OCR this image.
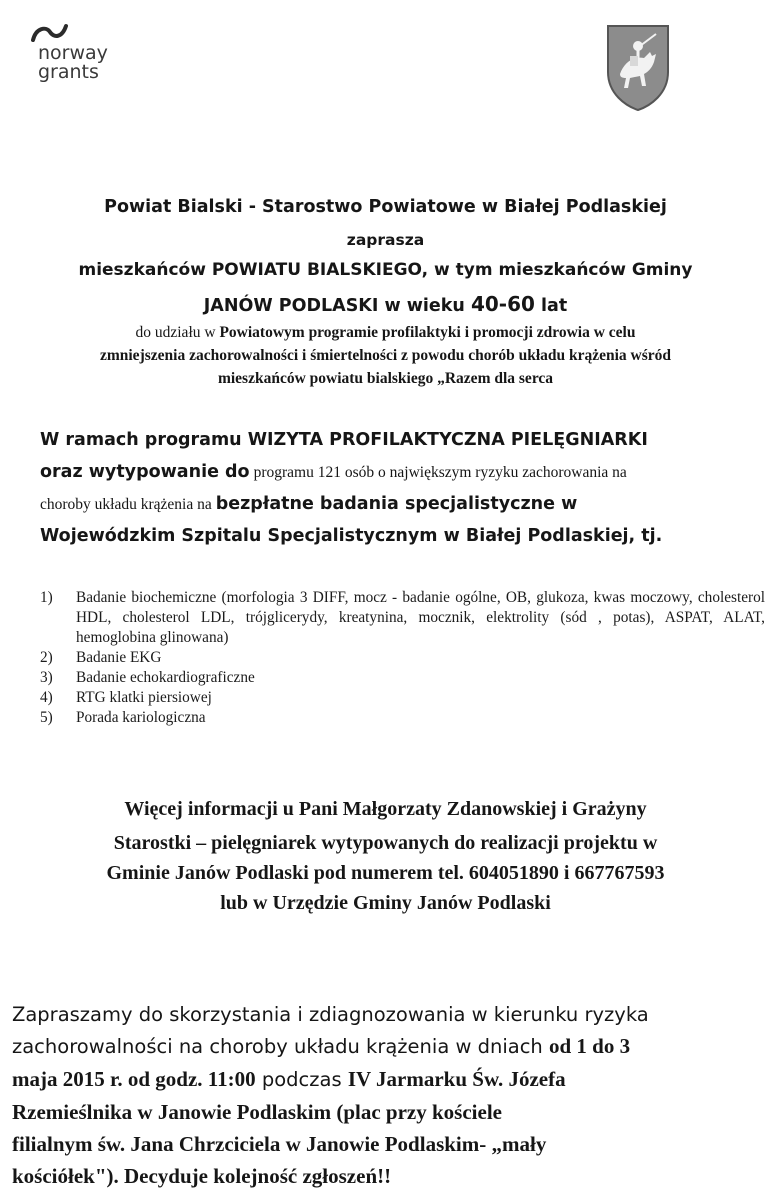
norway
grants
Powiat Bialski - Starostwo Powiatowe w Białej Podlaskiej
zaprasza
mieszkańców POWIATU BIALSKIEGO, w tym mieszkańców Gminy
JANÓW PODLASKI w wieku 40-60 lat
do udziału w Powiatowym programie profilaktyki i promocji zdrowia w celu
zmniejszenia zachorowalności i śmiertelności z powodu chorób układu krążenia wśród
mieszkańców powiatu bialskiego „Razem dla serca
W ramach programu WIZYTA PROFILAKTYCZNA PIELĘGNIARKI
oraz wytypowanie do programu 121 osób o największym ryzyku zachorowania na
choroby układu krążenia na bezpłatne badania specjalistyczne w
Wojewódzkim Szpitalu Specjalistycznym w Białej Podlaskiej, tj.
1) Badanie biochemiczne (morfologia 3 DIFF, mocz - badanie ogólne, OB, glukoza, kwas moczowy, cholesterol HDL, cholesterol LDL, trójglicerydy, kreatynina, mocznik, elektrolity (sód , potas), ASPAT, ALAT, hemoglobina glinowana)
2) Badanie EKG
3) Badanie echokardiograficzne
4) RTG klatki piersiowej
5) Porada kariologiczna
Więcej informacji u Pani Małgorzaty Zdanowskiej i Grażyny
Starostki – pielęgniarek wytypowanych do realizacji projektu w
Gminie Janów Podlaski pod numerem tel. 604051890 i 667767593
lub w Urzędzie Gminy Janów Podlaski
Zapraszamy do skorzystania i zdiagnozowania w kierunku ryzyka
zachorowalności na choroby układu krążenia w dniach od 1 do 3
maja 2015 r. od godz. 11:00 podczas IV Jarmarku Św. Józefa
Rzemieślnika w Janowie Podlaskim (plac przy kościele
filialnym św. Jana Chrzciciela w Janowie Podlaskim- „mały
kościółek"). Decyduje kolejność zgłoszeń!!
